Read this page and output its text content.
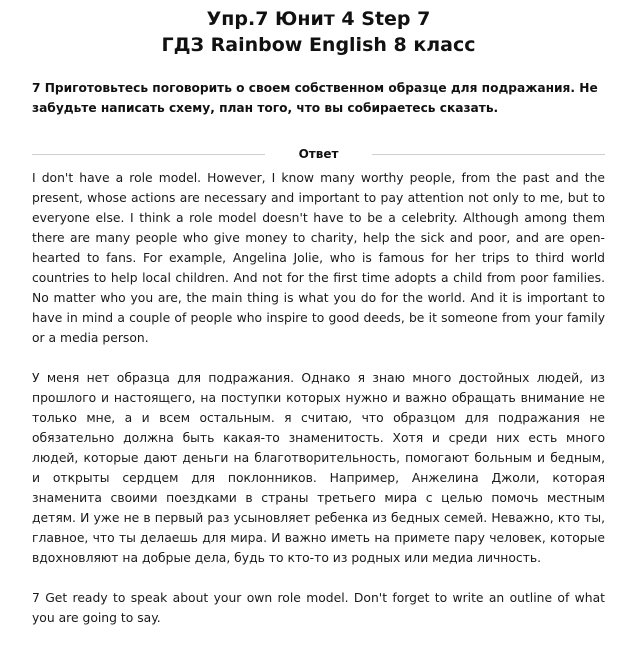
Упр.7 Юнит 4 Step 7
ГДЗ Rainbow English 8 класс

7 Приготовьтесь поговорить о своем собственном образце для подражания. Не забудьте написать схему, план того, что вы собираетесь сказать.

Ответ

I don't have a role model. However, I know many worthy people, from the past and the present, whose actions are necessary and important to pay attention not only to me, but to everyone else. I think a role model doesn't have to be a celebrity. Although among them there are many people who give money to charity, help the sick and poor, and are open-hearted to fans. For example, Angelina Jolie, who is famous for her trips to third world countries to help local children. And not for the first time adopts a child from poor families. No matter who you are, the main thing is what you do for the world. And it is important to have in mind a couple of people who inspire to good deeds, be it someone from your family or a media person.

У меня нет образца для подражания. Однако я знаю много достойных людей, из прошлого и настоящего, на поступки которых нужно и важно обращать внимание не только мне, а и всем остальным. я считаю, что образцом для подражания не обязательно должна быть какая-то знаменитость. Хотя и среди них есть много людей, которые дают деньги на благотворительность, помогают больным и бедным, и открыты сердцем для поклонников. Например, Анжелина Джоли, которая знаменита своими поездками в страны третьего мира с целью помочь местным детям. И уже не в первый раз усыновляет ребенка из бедных семей. Неважно, кто ты, главное, что ты делаешь для мира. И важно иметь на примете пару человек, которые вдохновляют на добрые дела, будь то кто-то из родных или медиа личность.

7 Get ready to speak about your own role model. Don't forget to write an outline of what you are going to say.
